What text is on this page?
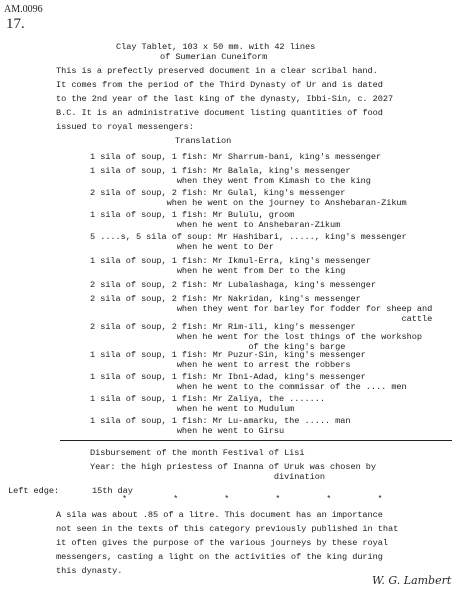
AM.0096
17.
Clay Tablet, 103 x 50 mm. with 42 lines
of Sumerian Cuneiform
This is a prefectly preserved document in a clear scribal hand.
It comes from the period of the Third Dynasty of Ur and is dated
to the 2nd year of the last king of the dynasty, Ibbi-Sin, c. 2027
B.C. It is an administrative document listing quantities of food
issued to royal messengers:
Translation
1 sila of soup, 1 fish: Mr Sharrum-bani, king's messenger
1 sila of soup, 1 fish: Mr Balala, king's messenger
when they went from Kimash to the king
2 sila of soup, 2 fish: Mr Gulal, king's messenger
when he went on the journey to Anshebaran-Zikum
1 sila of soup, 1 fish: Mr Bululu, groom
when he went to Anshebaran-Zikum
5 ....s, 5 sila of soup: Mr Hashibari, ....., king's messenger
when he went to Der
1 sila of soup, 1 fish: Mr Ikmul-Erra, king's messenger
when he went from Der to the king
2 sila of soup, 2 fish: Mr Lubalashaga, king's messenger
2 sila of soup, 2 fish: Mr Nakridan, king's messenger
when they went for barley for fodder for sheep and
cattle
2 sila of soup, 2 fish: Mr Rim-ili, king's messenger
when he went for the lost things of the workshop
of the king's barge
1 sila of soup, 1 fish: Mr Puzur-Sin, king's messenger
when he went to arrest the robbers
1 sila of soup, 1 fish: Mr Ibni-Adad, king's messenger
when he went to the commissar of the .... men
1 sila of soup, 1 fish: Mr Zaliya, the .......
when he went to Mudulum
1 sila of soup, 1 fish: Mr Lu-amarku, the ..... man
when he went to Girsu
Disbursement of the month Festival of Lisi
Year: the high priestess of Inanna of Uruk was chosen by
divination
Left edge:	15th day
*         *         *         *         *         *
A sila was about .85 of a litre. This document has an importance
not seen in the texts of this category previously published in that
it often gives the purpose of the various journeys by these royal
messengers, casting a light on the activities of the king during
this dynasty.
W. G. Lambert
